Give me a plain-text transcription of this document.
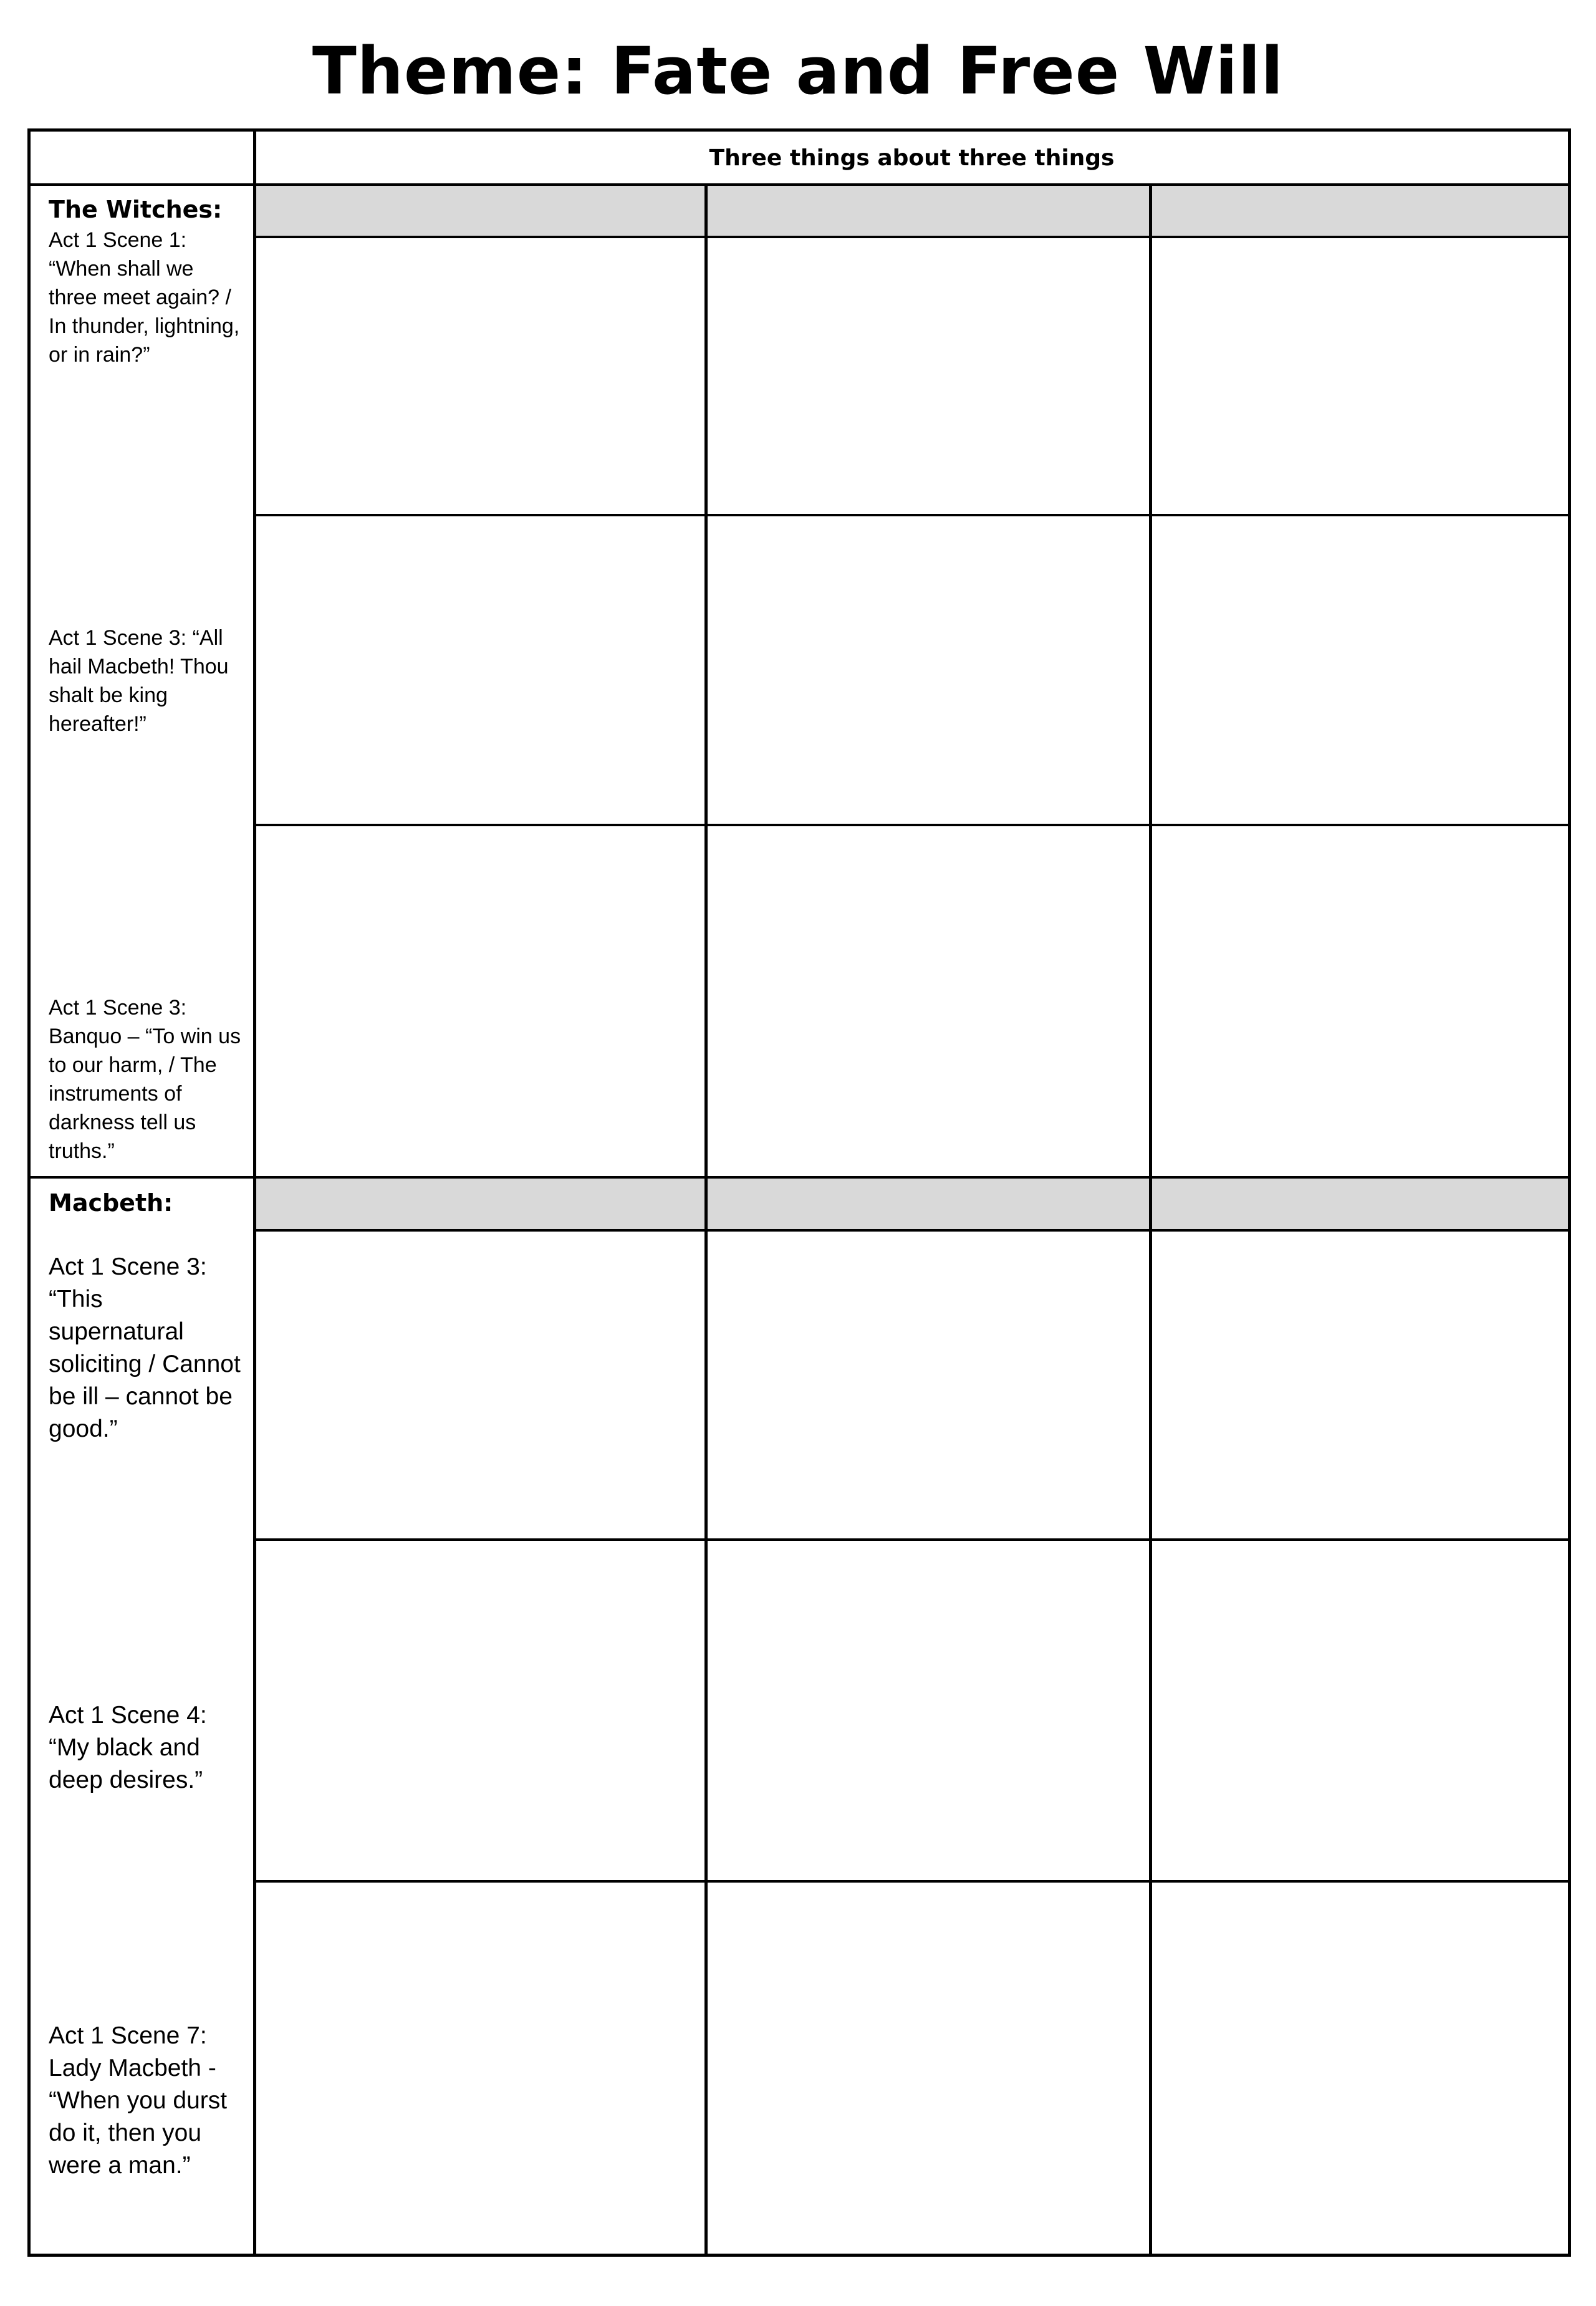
Theme: Fate and Free Will
Three things about three things
The Witches:
Act 1 Scene 1: “When shall we three meet again? / In thunder, lightning, or in rain?”
Act 1 Scene 3: “All hail Macbeth! Thou shalt be king hereafter!”
Act 1 Scene 3: Banquo – “To win us to our harm, / The instruments of darkness tell us truths.”
Macbeth:
Act 1 Scene 3: “This supernatural soliciting / Cannot be ill – cannot be good.”
Act 1 Scene 4: “My black and deep desires.”
Act 1 Scene 7: Lady Macbeth - “When you durst do it, then you were a man.”
